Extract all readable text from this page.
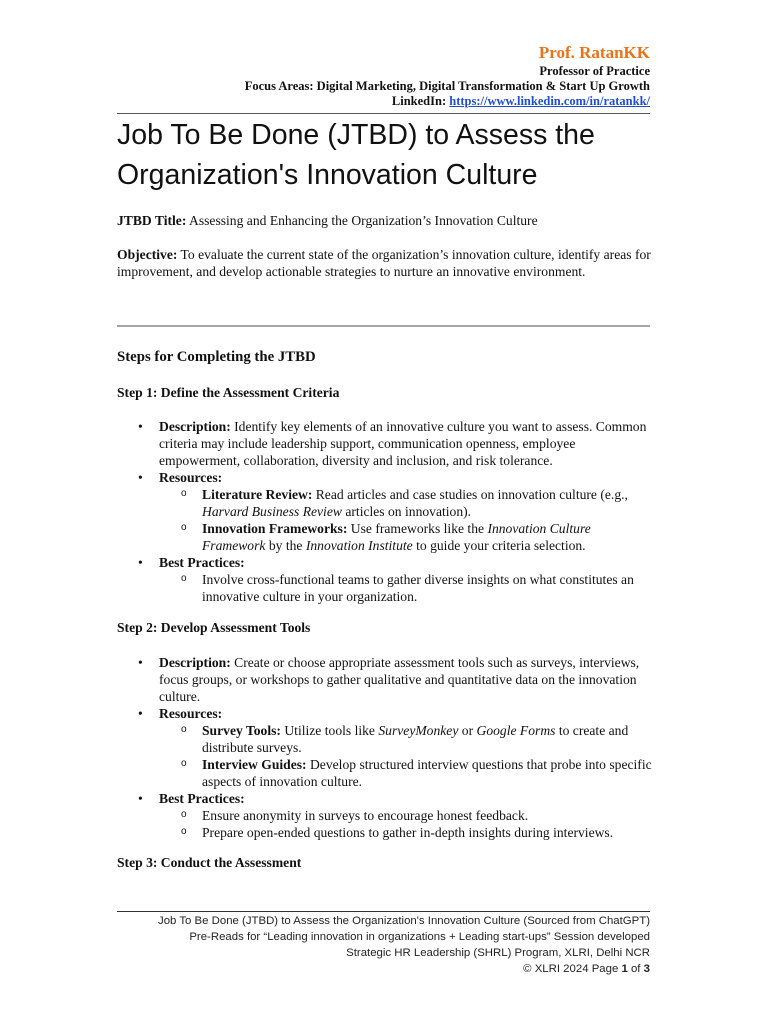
Prof. RatanKK
Professor of Practice
Focus Areas: Digital Marketing, Digital Transformation & Start Up Growth
LinkedIn: https://www.linkedin.com/in/ratankk/
Job To Be Done (JTBD) to Assess the
Organization's Innovation Culture

JTBD Title: Assessing and Enhancing the Organization’s Innovation Culture

Objective: To evaluate the current state of the organization’s innovation culture, identify areas for improvement, and develop actionable strategies to nurture an innovative environment.

Steps for Completing the JTBD
Step 1: Define the Assessment Criteria
• Description: Identify key elements of an innovative culture you want to assess. Common criteria may include leadership support, communication openness, employee empowerment, collaboration, diversity and inclusion, and risk tolerance.
• Resources:
o Literature Review: Read articles and case studies on innovation culture (e.g., Harvard Business Review articles on innovation).
o Innovation Frameworks: Use frameworks like the Innovation Culture Framework by the Innovation Institute to guide your criteria selection.
• Best Practices:
o Involve cross-functional teams to gather diverse insights on what constitutes an innovative culture in your organization.
Step 2: Develop Assessment Tools
• Description: Create or choose appropriate assessment tools such as surveys, interviews, focus groups, or workshops to gather qualitative and quantitative data on the innovation culture.
• Resources:
o Survey Tools: Utilize tools like SurveyMonkey or Google Forms to create and distribute surveys.
o Interview Guides: Develop structured interview questions that probe into specific aspects of innovation culture.
• Best Practices:
o Ensure anonymity in surveys to encourage honest feedback.
o Prepare open-ended questions to gather in-depth insights during interviews.
Step 3: Conduct the Assessment
Job To Be Done (JTBD) to Assess the Organization's Innovation Culture (Sourced from ChatGPT)
Pre-Reads for “Leading innovation in organizations + Leading start-ups” Session developed
Strategic HR Leadership (SHRL) Program, XLRI, Delhi NCR
© XLRI 2024 Page 1 of 3
